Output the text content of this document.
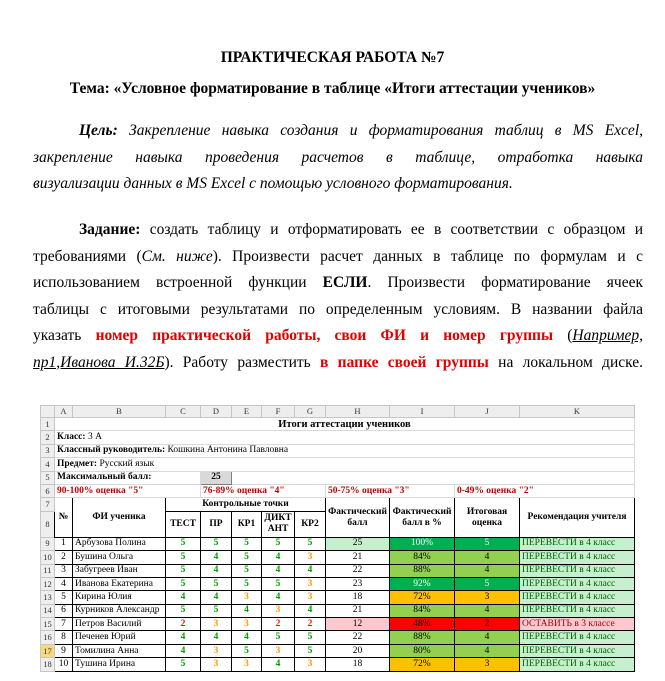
ПРАКТИЧЕСКАЯ РАБОТА №7
Тема: «Условное форматирование в таблице «Итоги аттестации учеников»
Цель: Закрепление навыка создания и форматирования таблиц в MS Excel,
закрепление навыка проведения расчетов в таблице, отработка навыка
визуализации данных в MS Excel с помощью условного форматирования.
Задание: создать таблицу и отформатировать ее в соответствии с образцом и
требованиями (См. ниже). Произвести расчет данных в таблице по формулам и с
использованием встроенной функции ЕСЛИ. Произвести форматирование ячеек
таблицы с итоговыми результатами по определенным условиям. В названии файла
указать номер практической работы, свои ФИ и номер группы (Например,
пр1,Иванова И.32Б). Работу разместить в папке своей группы на локальном диске.
	A	B	C	D	E	F	G	H	I	J	K
1	Итоги аттестации учеников										
2	Класс: 3 А										
3	Классный руководитель: Кошкина Антонина Павловна										
4	Предмет: Русский язык										
5	Максимальный балл:			25							
6	90-100% оценка "5"			76-89% оценка "4"				50-75% оценка "3"		0-49% оценка "2"	
7	№	ФИ ученика	Контрольные точки					Фактический балл	Фактический балл в %	Итоговая оценка	Рекомендация учителя
8			ТЕСТ	ПР	КР1	ДИКТ АНТ	КР2				
9	1	Арбузова Полина	5	5	5	5	5	25	100%	5	ПЕРЕВЕСТИ в 4 класс
10	2	Бушина Ольга	5	4	5	4	3	21	84%	4	ПЕРЕВЕСТИ в 4 класс
11	3	Забугреев Иван	5	4	5	4	4	22	88%	4	ПЕРЕВЕСТИ в 4 класс
12	4	Иванова Екатерина	5	5	5	5	3	23	92%	5	ПЕРЕВЕСТИ в 4 класс
13	5	Кирина Юлия	4	4	3	4	3	18	72%	3	ПЕРЕВЕСТИ в 4 класс
14	6	Курников Александр	5	5	4	3	4	21	84%	4	ПЕРЕВЕСТИ в 4 класс
15	7	Петров Василий	2	3	3	2	2	12	48%	2	ОСТАВИТЬ в 3 классе
16	8	Печенев Юрий	4	4	4	5	5	22	88%	4	ПЕРЕВЕСТИ в 4 класс
17	9	Томилина Анна	4	3	5	3	5	20	80%	4	ПЕРЕВЕСТИ в 4 класс
18	10	Тушина Ирина	5	3	3	4	3	18	72%	3	ПЕРЕВЕСТИ в 4 класс
